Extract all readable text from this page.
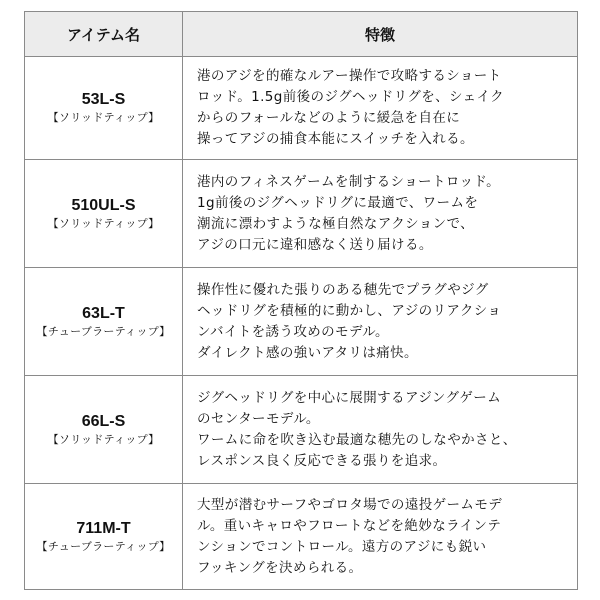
アイテム名	特徴

53L-S
【ソリッドティップ】	港のアジを的確なルアー操作で攻略するショート
ロッド。1.5g前後のジグヘッドリグを、シェイク
からのフォールなどのように緩急を自在に
操ってアジの捕食本能にスイッチを入れる。

510UL-S
【ソリッドティップ】	港内のフィネスゲームを制するショートロッド。
1g前後のジグヘッドリグに最適で、ワームを
潮流に漂わすような極自然なアクションで、
アジの口元に違和感なく送り届ける。

63L-T
【チューブラーティップ】	操作性に優れた張りのある穂先でプラグやジグ
ヘッドリグを積極的に動かし、アジのリアクショ
ンバイトを誘う攻めのモデル。
ダイレクト感の強いアタリは痛快。

66L-S
【ソリッドティップ】	ジグヘッドリグを中心に展開するアジングゲーム
のセンターモデル。
ワームに命を吹き込む最適な穂先のしなやかさと、
レスポンス良く反応できる張りを追求。

711M-T
【チューブラーティップ】	大型が潜むサーフやゴロタ場での遠投ゲームモデ
ル。重いキャロやフロートなどを絶妙なラインテ
ンションでコントロール。遠方のアジにも鋭い
フッキングを決められる。
